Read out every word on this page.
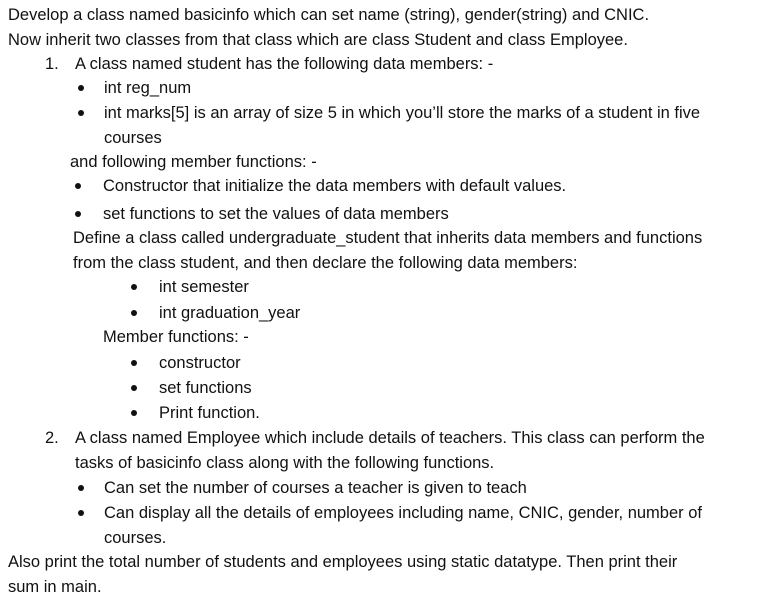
Develop a class named basicinfo which can set name (string), gender(string) and CNIC.
Now inherit two classes from that class which are class Student and class Employee.
1. A class named student has the following data members: -
int reg_num
int marks[5] is an array of size 5 in which you’ll store the marks of a student in five
courses
and following member functions: -
Constructor that initialize the data members with default values.
set functions to set the values of data members
Define a class called undergraduate_student that inherits data members and functions
from the class student, and then declare the following data members:
int semester
int graduation_year
Member functions: -
constructor
set functions
Print function.
2. A class named Employee which include details of teachers. This class can perform the
tasks of basicinfo class along with the following functions.
Can set the number of courses a teacher is given to teach
Can display all the details of employees including name, CNIC, gender, number of
courses.
Also print the total number of students and employees using static datatype. Then print their
sum in main.
